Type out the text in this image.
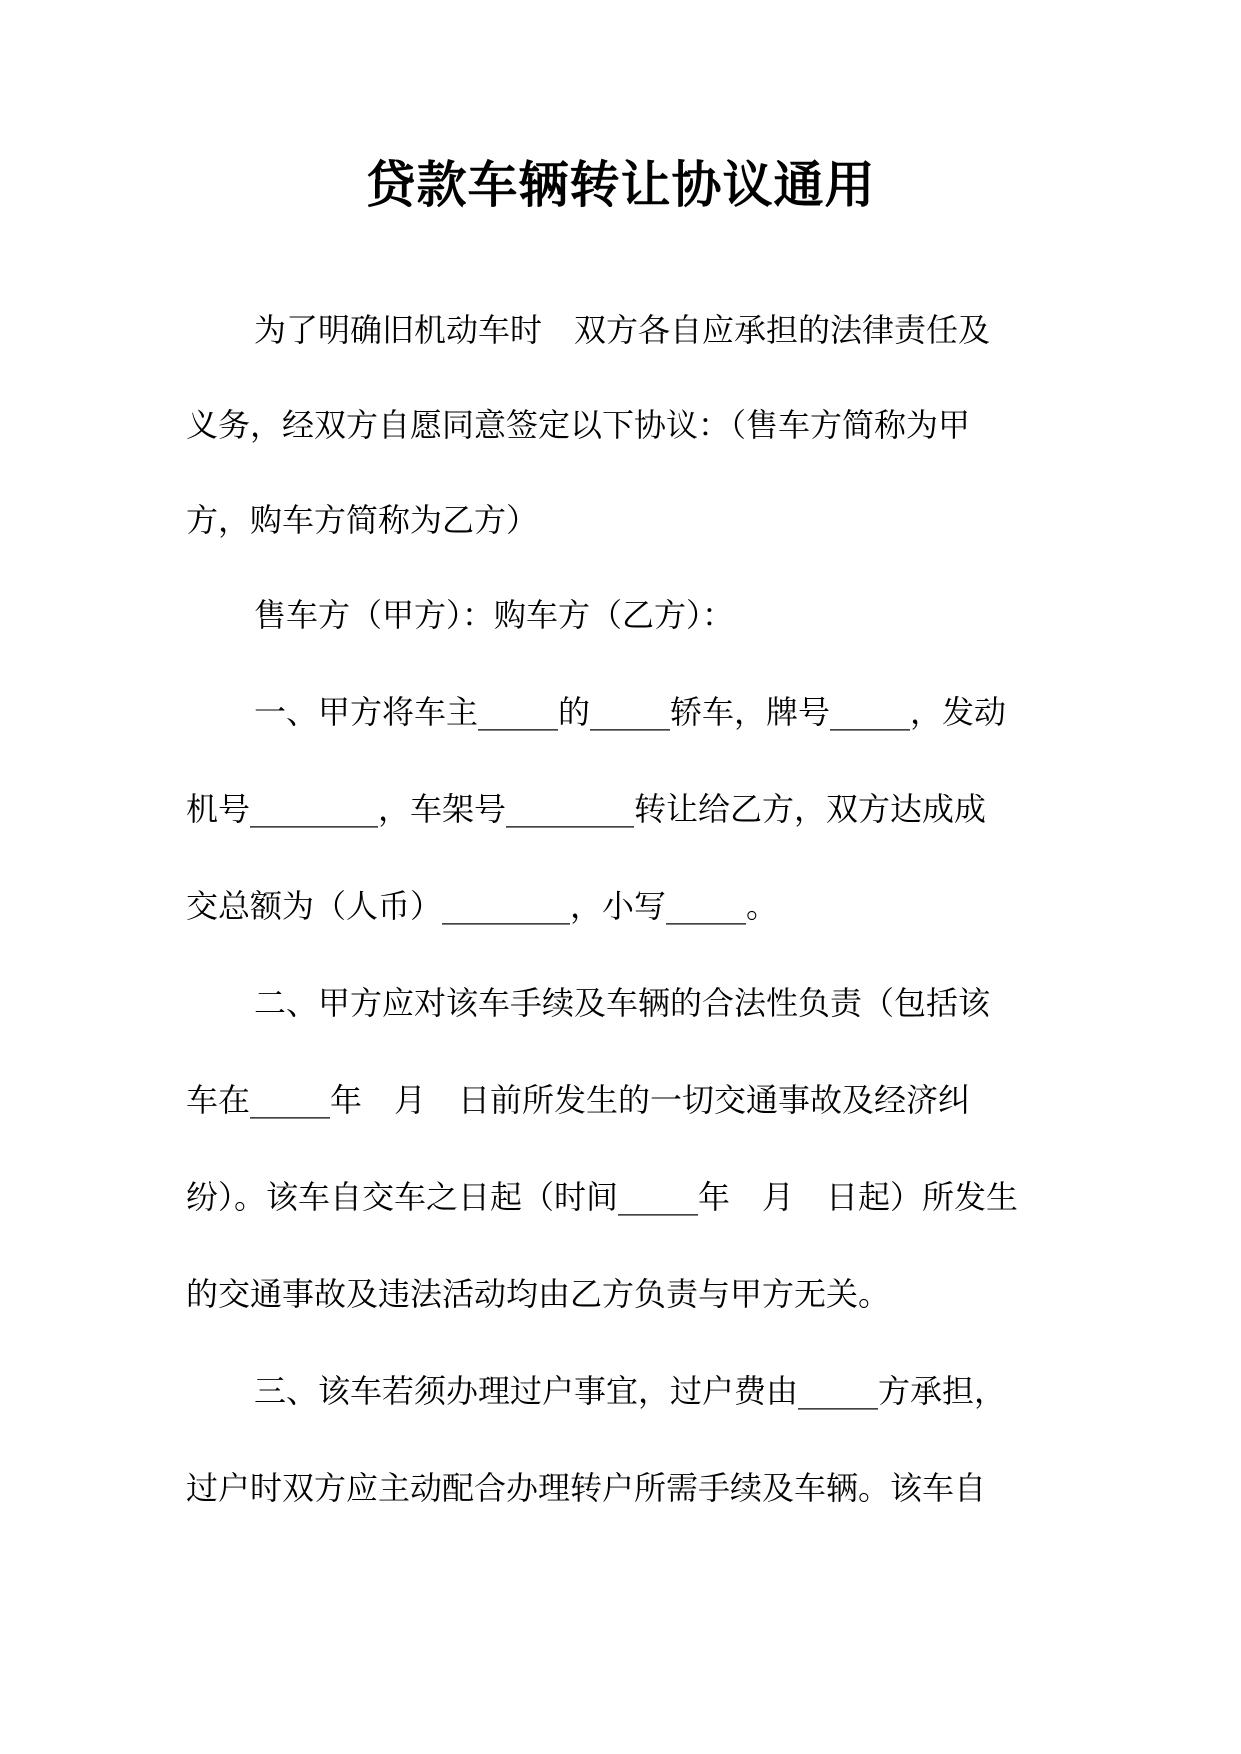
贷款车辆转让协议通用
为了明确旧机动车时　双方各自应承担的法律责任及
义务，经双方自愿同意签定以下协议：（售车方简称为甲
方，购车方简称为乙方）
售车方（甲方）：购车方（乙方）：
一、甲方将车主_____的_____轿车，牌号_____，发动
机号________，车架号________转让给乙方，双方达成成
交总额为（人币）________，小写_____。
二、甲方应对该车手续及车辆的合法性负责（包括该
车在_____年　月　日前所发生的一切交通事故及经济纠
纷）。该车自交车之日起（时间_____年　月　日起）所发生
的交通事故及违法活动均由乙方负责与甲方无关。
三、该车若须办理过户事宜，过户费由_____方承担，
过户时双方应主动配合办理转户所需手续及车辆。该车自
